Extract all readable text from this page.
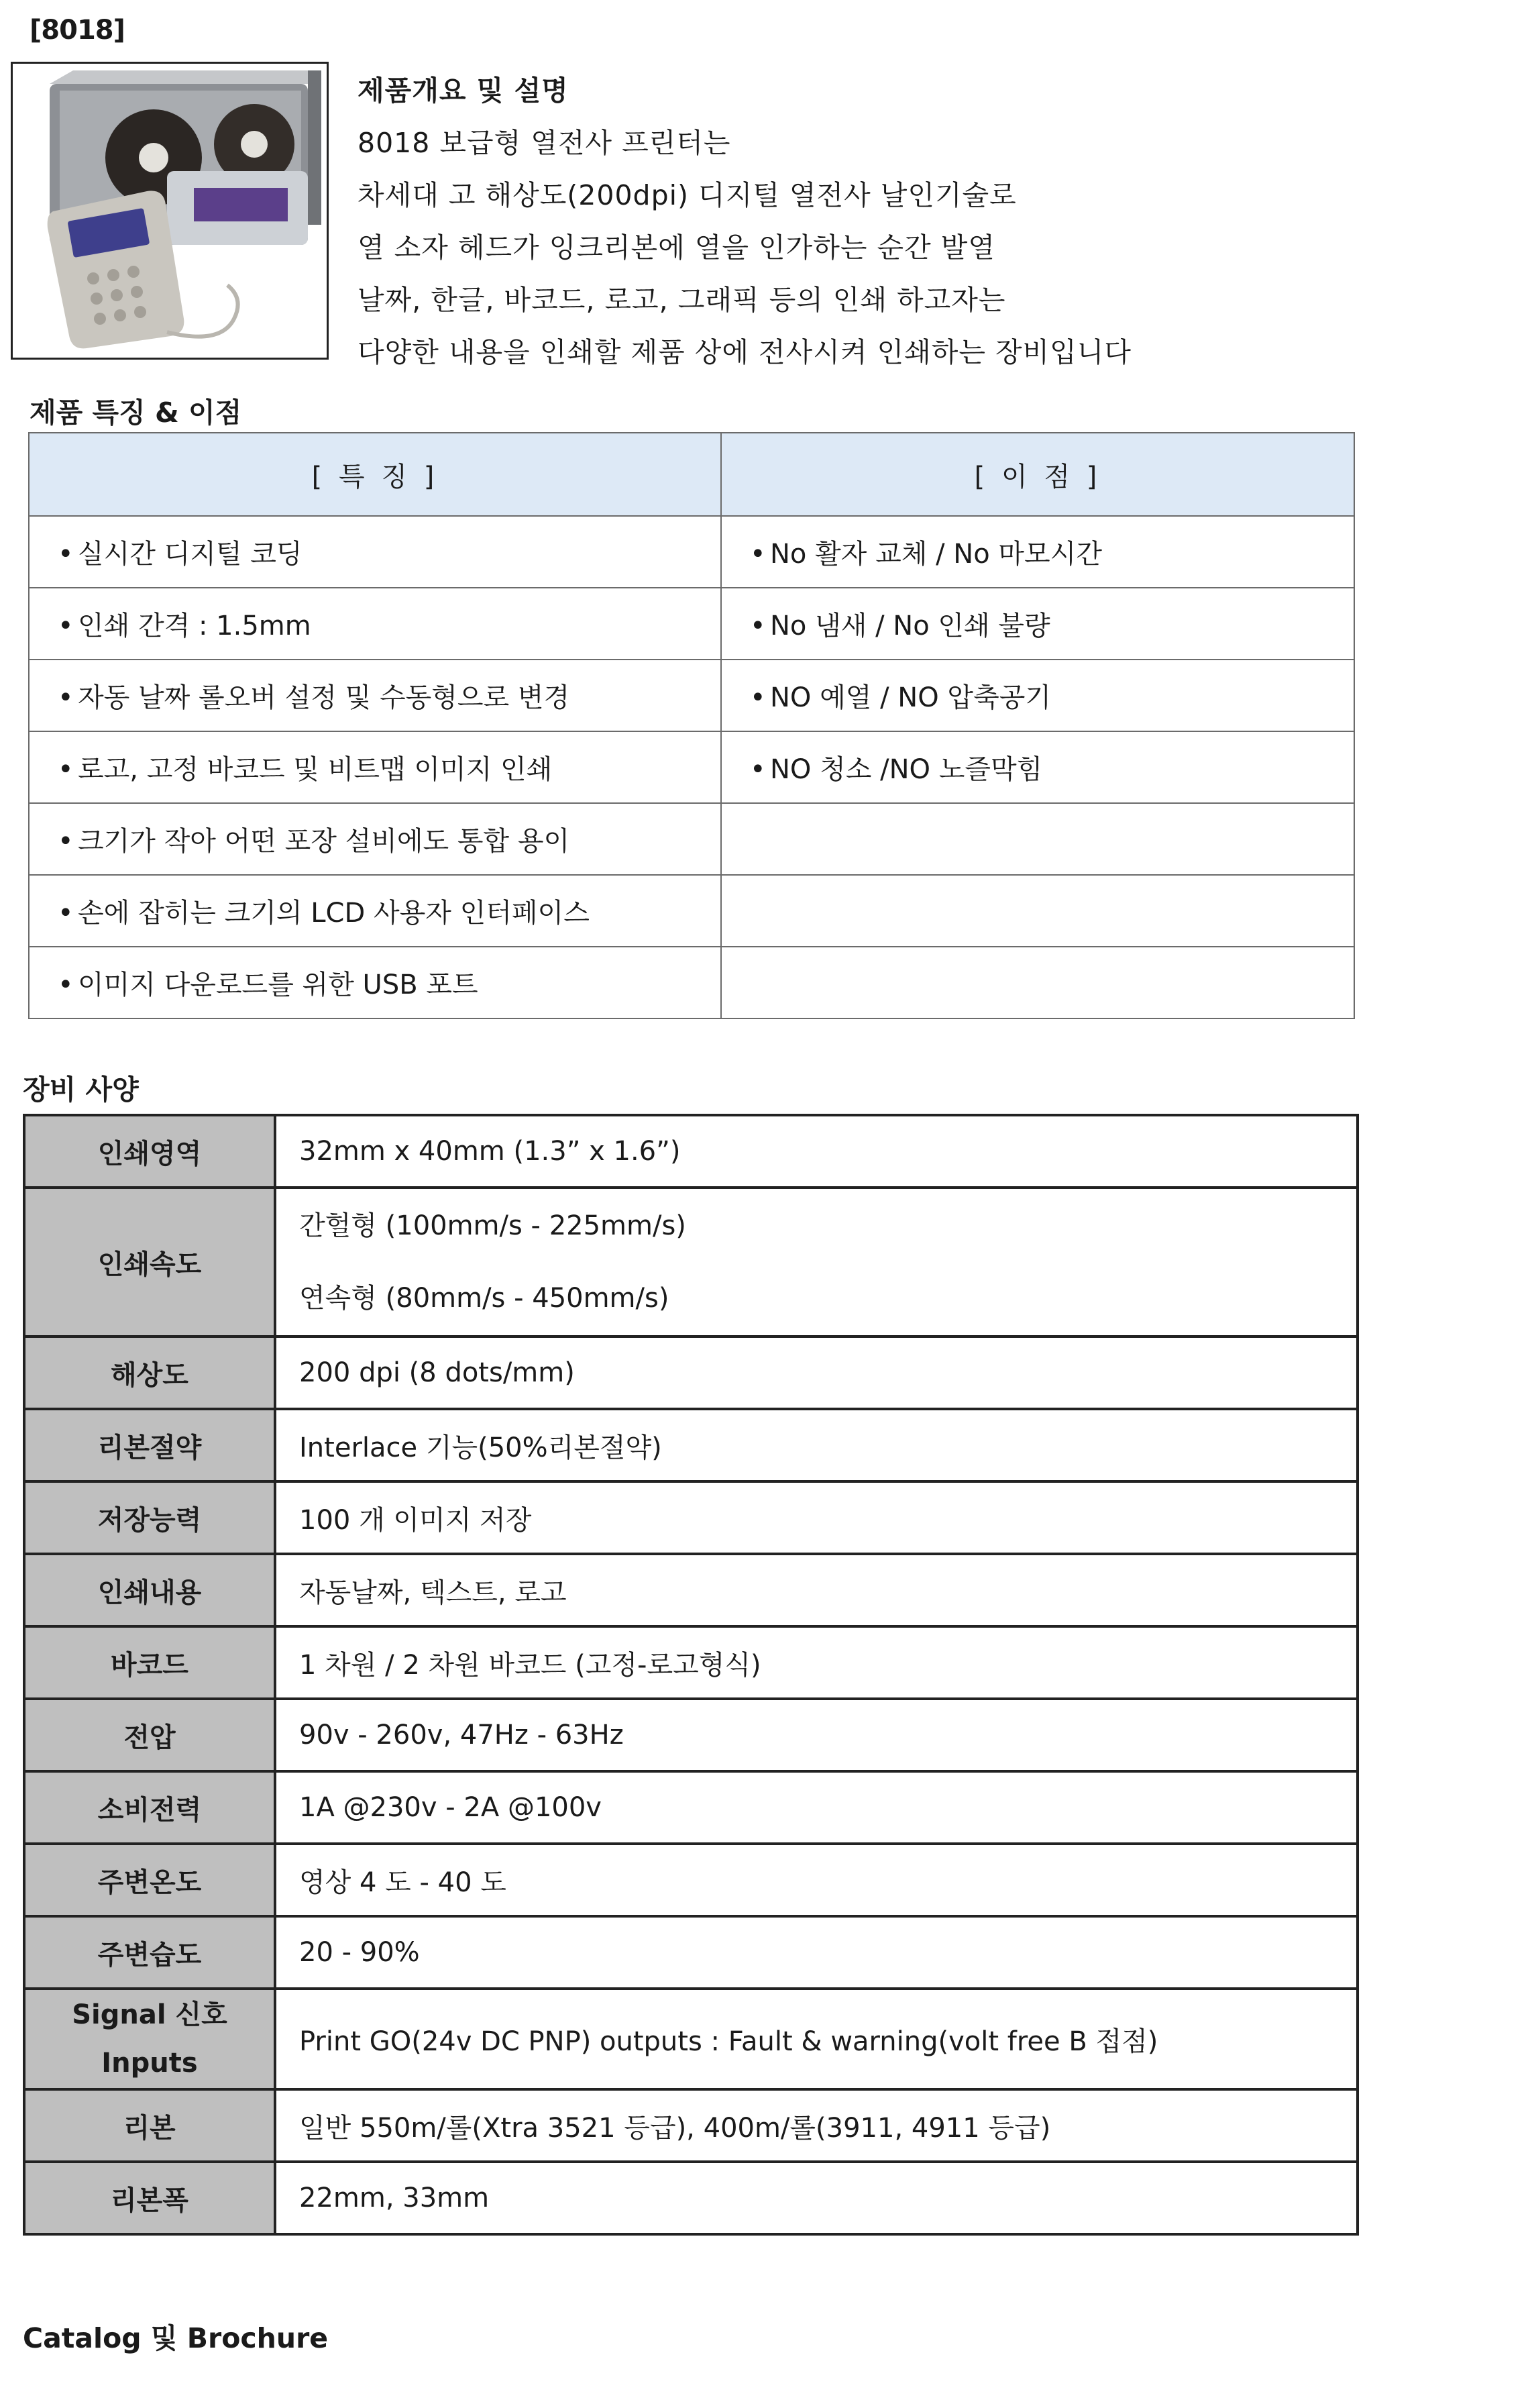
[8018]
제품개요 및 설명
8018 보급형 열전사 프린터는
차세대 고 해상도(200dpi) 디지털 열전사 날인기술로
열 소자 헤드가 잉크리본에 열을 인가하는 순간 발열
날짜, 한글, 바코드, 로고, 그래픽 등의 인쇄 하고자는
다양한 내용을 인쇄할 제품 상에 전사시켜 인쇄하는 장비입니다
제품 특징 & 이점
[ 특 징 ]	[ 이 점 ]
• 실시간 디지털 코딩	• No 활자 교체 / No 마모시간
• 인쇄 간격 : 1.5mm	• No 냄새 / No 인쇄 불량
• 자동 날짜 롤오버 설정 및 수동형으로 변경	• NO 예열 / NO 압축공기
• 로고, 고정 바코드 및 비트맵 이미지 인쇄	• NO 청소 /NO 노즐막힘
• 크기가 작아 어떤 포장 설비에도 통합 용이	
• 손에 잡히는 크기의 LCD 사용자 인터페이스	
• 이미지 다운로드를 위한 USB 포트	
장비 사양
인쇄영역	32mm x 40mm (1.3” x 1.6”)
인쇄속도	간헐형 (100mm/s - 225mm/s)
연속형 (80mm/s - 450mm/s)

해상도	200 dpi (8 dots/mm)
리본절약	Interlace 기능(50%리본절약)
저장능력	100 개 이미지 저장
인쇄내용	자동날짜, 텍스트, 로고
바코드	1 차원 / 2 차원 바코드 (고정-로고형식)
전압	90v - 260v, 47Hz - 63Hz
소비전력	1A @230v - 2A @100v
주변온도	영상 4 도 - 40 도
주변습도	20 - 90%

Signal 신호
Inputs	Print GO(24v DC PNP) outputs : Fault & warning(volt free B 접점)
리본	일반 550m/롤(Xtra 3521 등급), 400m/롤(3911, 4911 등급)
리본폭	22mm, 33mm
Catalog 및 Brochure
